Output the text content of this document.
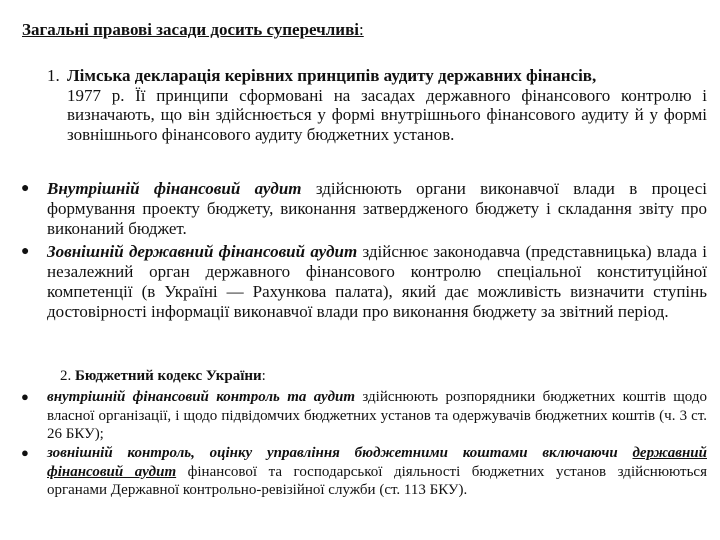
Загальні правові засади досить суперечливі:
1. Лімська декларація керівних принципів аудиту державних фінансів,
1977 р. Її принципи сформовані на засадах державного фінансового контролю і визначають, що він здійснюється у формі внутрішнього фінансового аудиту й у формі зовнішнього фінансового аудиту бюджетних установ.
● Внутрішній фінансовий аудит здійснюють органи виконавчої влади в процесі формування проекту бюджету, виконання затвердженого бюджету і складання звіту про виконаний бюджет.
● Зовнішній державний фінансовий аудит здійснює законодавча (представницька) влада і незалежний орган державного фінансового контролю спеціальної конституційної компетенції (в Україні — Рахункова палата), який дає можливість визначити ступінь достовірності інформації виконавчої влади про виконання бюджету за звітний період.
2. Бюджетний кодекс України:
● внутрішній фінансовий контроль та аудит здійснюють розпорядники бюджетних коштів щодо власної організації, і щодо підвідомчих бюджетних установ та одержувачів бюджетних коштів (ч. 3 ст. 26 БКУ);
● зовнішній контроль, оцінку управління бюджетними коштами включаючи державний фінансовий аудит фінансової та господарської діяльності бюджетних установ здійснюються органами Державної контрольно-ревізійної служби (ст. 113 БКУ).
